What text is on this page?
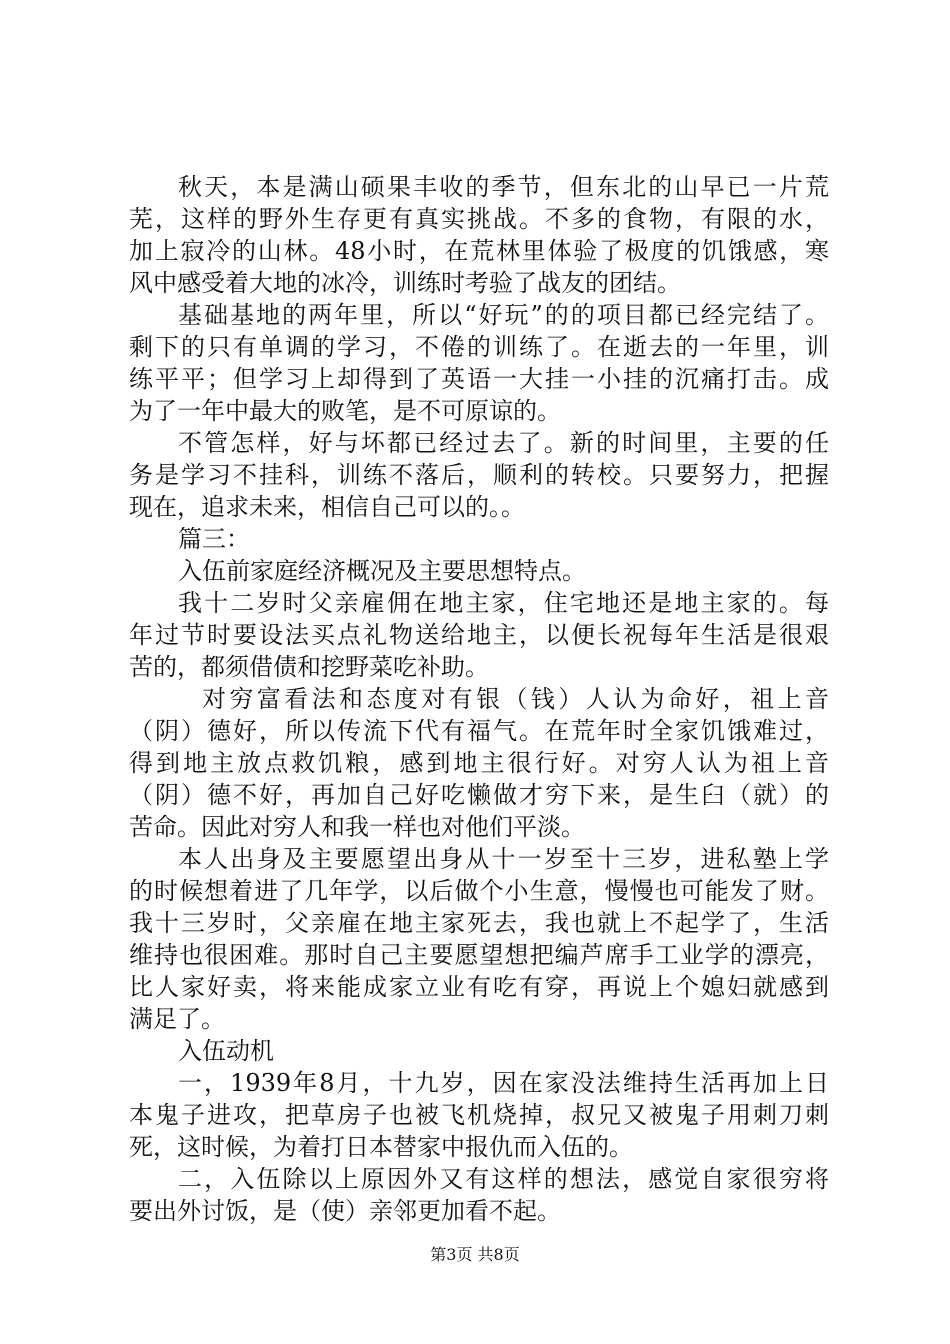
秋天，本是满山硕果丰收的季节，但东北的山早已一片荒
芜，这样的野外生存更有真实挑战。不多的食物，有限的水，
加上寂冷的山林。48小时，在荒林里体验了极度的饥饿感，寒
风中感受着大地的冰冷，训练时考验了战友的团结。
基础基地的两年里，所以“好玩”的的项目都已经完结了。
剩下的只有单调的学习，不倦的训练了。在逝去的一年里，训
练平平；但学习上却得到了英语一大挂一小挂的沉痛打击。成
为了一年中最大的败笔，是不可原谅的。
不管怎样，好与坏都已经过去了。新的时间里，主要的任
务是学习不挂科，训练不落后，顺利的转校。只要努力，把握
现在，追求未来，相信自己可以的。。
篇三：
入伍前家庭经济概况及主要思想特点。
我十二岁时父亲雇佣在地主家，住宅地还是地主家的。每
年过节时要设法买点礼物送给地主，以便长祝每年生活是很艰
苦的，都须借债和挖野菜吃补助。
对穷富看法和态度对有银（钱）人认为命好，祖上音
（阴）德好，所以传流下代有福气。在荒年时全家饥饿难过，
得到地主放点救饥粮，感到地主很行好。对穷人认为祖上音
（阴）德不好，再加自己好吃懒做才穷下来，是生臼（就）的
苦命。因此对穷人和我一样也对他们平淡。
本人出身及主要愿望出身从十一岁至十三岁，进私塾上学
的时候想着进了几年学，以后做个小生意，慢慢也可能发了财。
我十三岁时，父亲雇在地主家死去，我也就上不起学了，生活
维持也很困难。那时自己主要愿望想把编芦席手工业学的漂亮，
比人家好卖，将来能成家立业有吃有穿，再说上个媳妇就感到
满足了。
入伍动机
一，1939年8月，十九岁，因在家没法维持生活再加上日
本鬼子进攻，把草房子也被飞机烧掉，叔兄又被鬼子用刺刀刺
死，这时候，为着打日本替家中报仇而入伍的。
二，入伍除以上原因外又有这样的想法，感觉自家很穷将
要出外讨饭，是（使）亲邻更加看不起。
第3页 共8页
